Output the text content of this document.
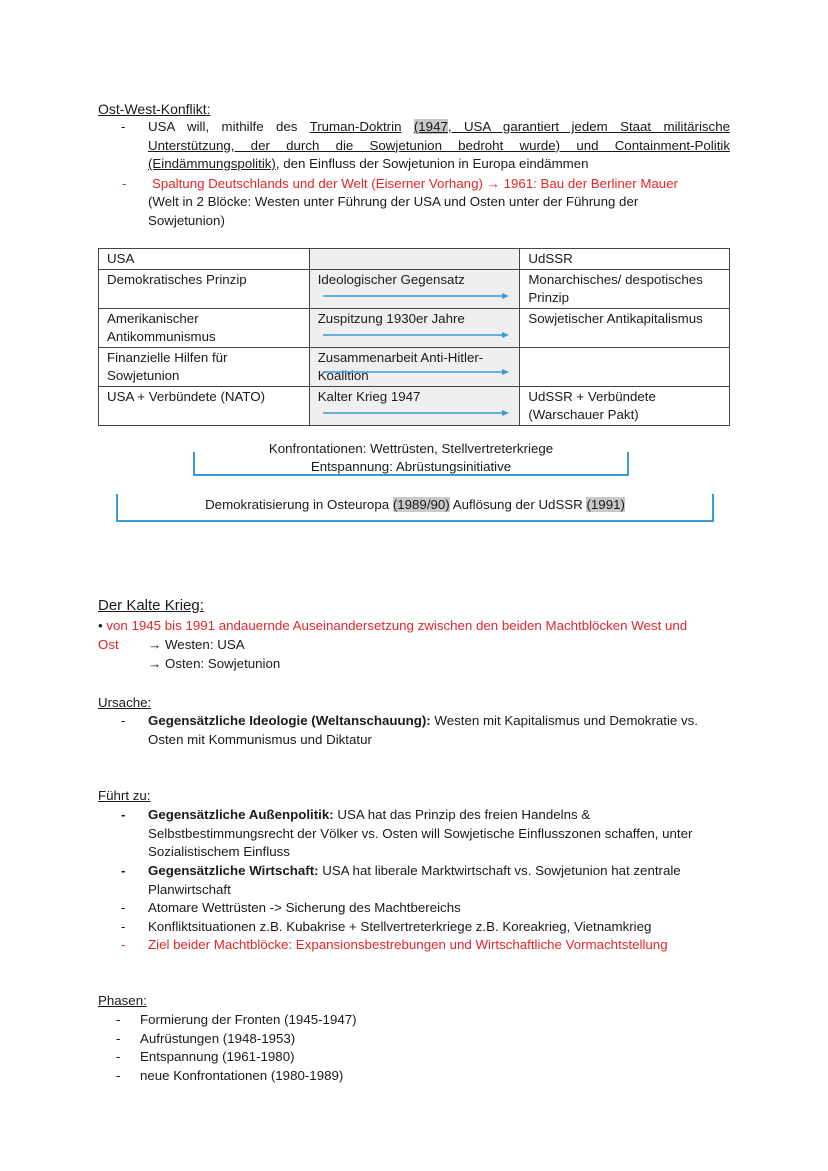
Ost-West-Konflikt:
- USA will, mithilfe des Truman-Doktrin (1947, USA garantiert jedem Staat militärische Unterstützung, der durch die Sowjetunion bedroht wurde) und Containment-Politik (Eindämmungspolitik), den Einfluss der Sowjetunion in Europa eindämmen
- Spaltung Deutschlands und der Welt (Eiserner Vorhang) → 1961: Bau der Berliner Mauer
(Welt in 2 Blöcke: Westen unter Führung der USA und Osten unter der Führung der Sowjetunion)
USA		UdSSR
Demokratisches Prinzip	Ideologischer Gegensatz	Monarchisches/ despotisches Prinzip
Amerikanischer Antikommunismus	Zuspitzung 1930er Jahre	Sowjetischer Antikapitalismus
Finanzielle Hilfen für Sowjetunion	Zusammenarbeit Anti-Hitler-Koalition

USA + Verbündete (NATO)	Kalter Krieg 1947	UdSSR + Verbündete (Warschauer Pakt)
Konfrontationen: Wettrüsten, Stellvertreterkriege
Entspannung: Abrüstungsinitiative
Demokratisierung in Osteuropa (1989/90) Auflösung der UdSSR (1991)
Der Kalte Krieg:
• von 1945 bis 1991 andauernde Auseinandersetzung zwischen den beiden Machtblöcken West und
Ost → Westen: USA
→ Osten: Sowjetunion
Ursache:
- Gegensätzliche Ideologie (Weltanschauung): Westen mit Kapitalismus und Demokratie vs. Osten mit Kommunismus und Diktatur
Führt zu:
- Gegensätzliche Außenpolitik: USA hat das Prinzip des freien Handelns & Selbstbestimmungsrecht der Völker vs. Osten will Sowjetische Einflusszonen schaffen, unter Sozialistischem Einfluss
- Gegensätzliche Wirtschaft: USA hat liberale Marktwirtschaft vs. Sowjetunion hat zentrale Planwirtschaft
- Atomare Wettrüsten -> Sicherung des Machtbereichs
- Konfliktsituationen z.B. Kubakrise + Stellvertreterkriege z.B. Koreakrieg, Vietnamkrieg
- Ziel beider Machtblöcke: Expansionsbestrebungen und Wirtschaftliche Vormachtstellung
Phasen:
- Formierung der Fronten (1945-1947)
- Aufrüstungen (1948-1953)
- Entspannung (1961-1980)
- neue Konfrontationen (1980-1989)
